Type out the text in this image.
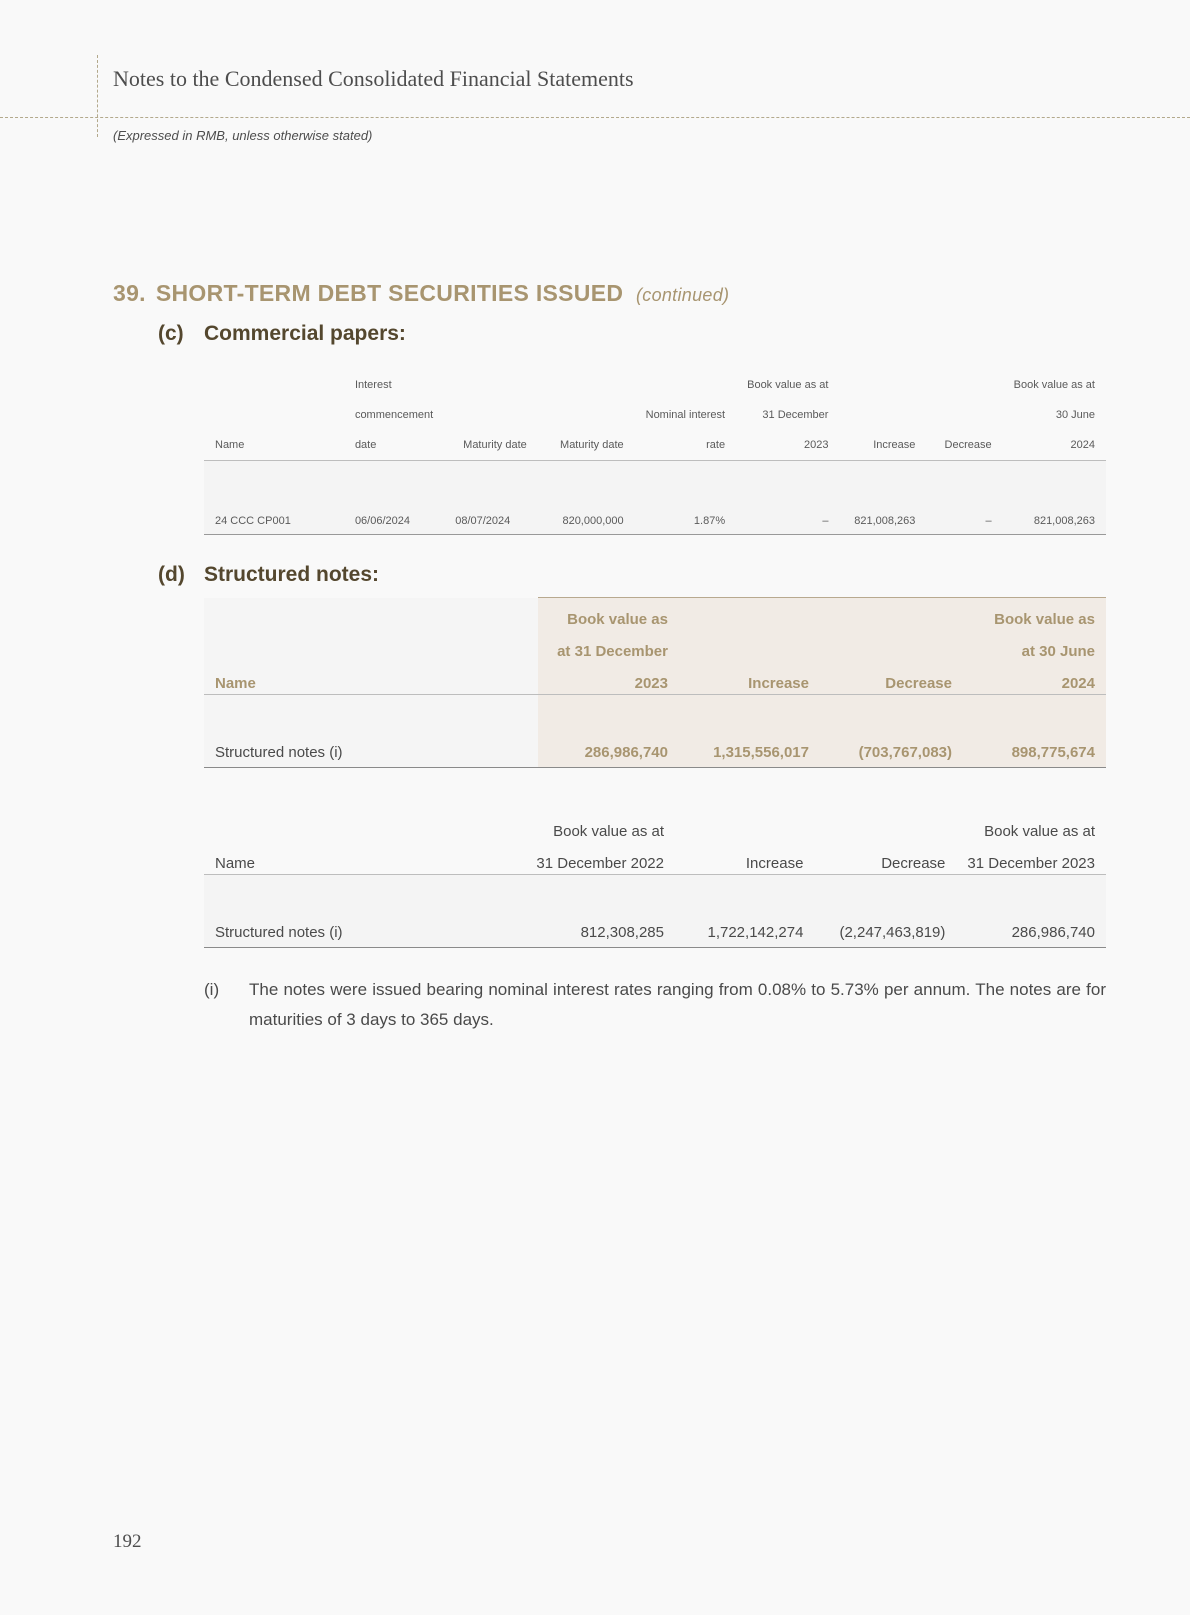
Notes to the Condensed Consolidated Financial Statements
(Expressed in RMB, unless otherwise stated)
39. SHORT-TERM DEBT SECURITIES ISSUED (continued)
(c) Commercial papers:
	Interest				Book value as at			Book value as at
	commencement			Nominal interest	31 December			30 June
Name	date	Maturity date	Maturity date	rate	2023	Increase	Decrease	2024
24 CCC CP001	06/06/2024	08/07/2024	820,000,000	1.87%	–	821,008,263	–	821,008,263
(d) Structured notes:
	Book value as			Book value as
	at 31 December			at 30 June
Name	2023	Increase	Decrease	2024
Structured notes (i)	286,986,740	1,315,556,017	(703,767,083)	898,775,674
	Book value as at			Book value as at
Name	31 December 2022	Increase	Decrease	31 December 2023
Structured notes (i)	812,308,285	1,722,142,274	(2,247,463,819)	286,986,740
(i) The notes were issued bearing nominal interest rates ranging from 0.08% to 5.73% per annum. The notes are for maturities of 3 days to 365 days.
192
